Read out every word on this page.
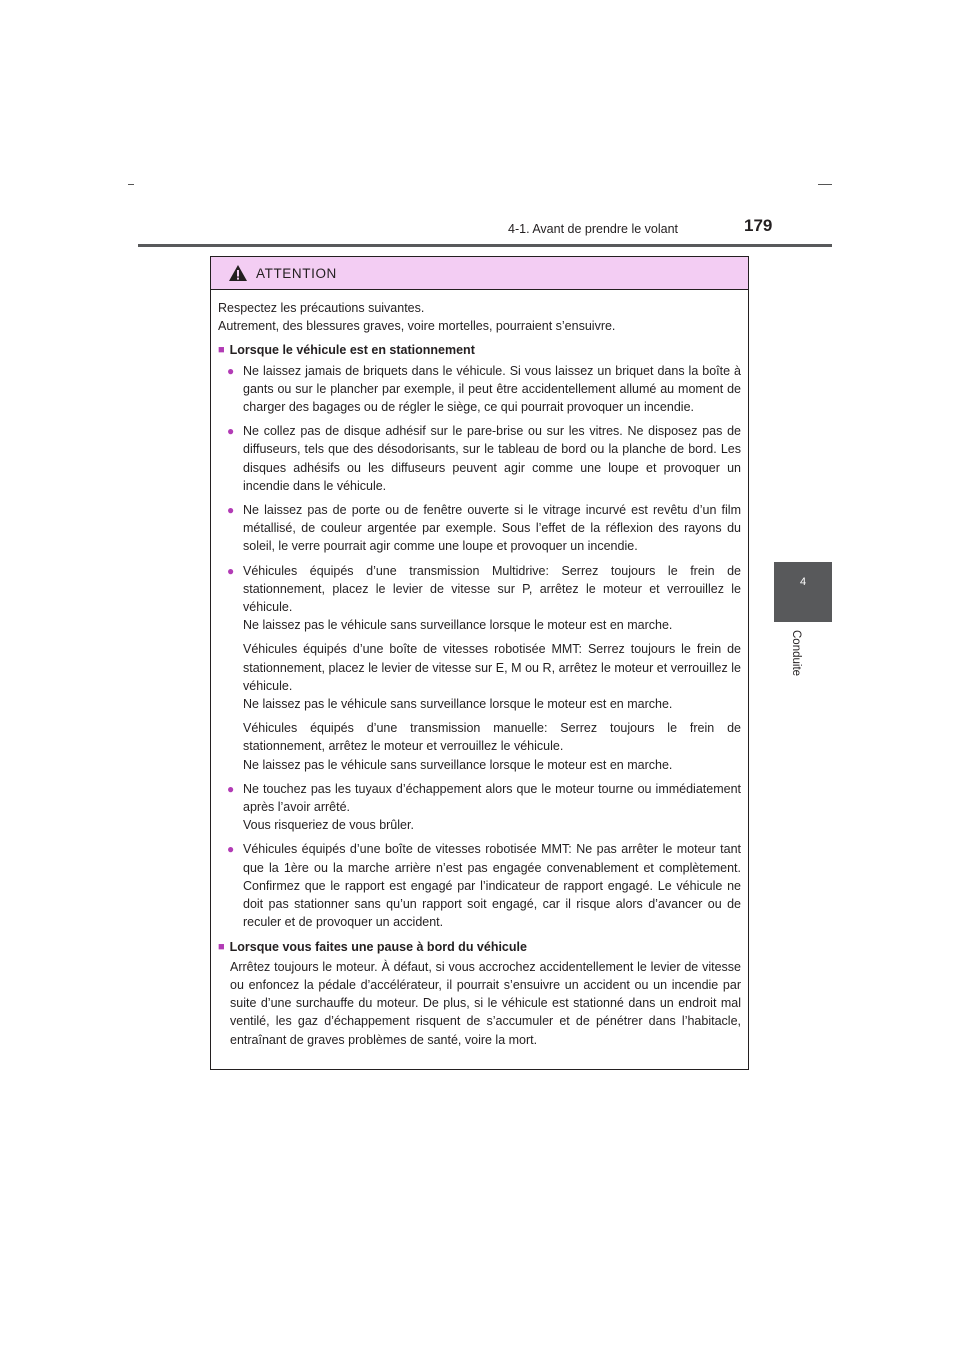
4-1. Avant de prendre le volant	179
4
Conduite
ATTENTION

Respectez les précautions suivantes.
Autrement, des blessures graves, voire mortelles, pourraient s’ensuivre.

■ Lorsque le véhicule est en stationnement
● Ne laissez jamais de briquets dans le véhicule. Si vous laissez un briquet dans la boîte à gants ou sur le plancher par exemple, il peut être accidentellement allumé au moment de charger des bagages ou de régler le siège, ce qui pourrait provoquer un incendie.
● Ne collez pas de disque adhésif sur le pare-brise ou sur les vitres. Ne disposez pas de diffuseurs, tels que des désodorisants, sur le tableau de bord ou la planche de bord. Les disques adhésifs ou les diffuseurs peuvent agir comme une loupe et provoquer un incendie dans le véhicule.
● Ne laissez pas de porte ou de fenêtre ouverte si le vitrage incurvé est revêtu d’un film métallisé, de couleur argentée par exemple. Sous l’effet de la réflexion des rayons du soleil, le verre pourrait agir comme une loupe et provoquer un incendie.
● Véhicules équipés d’une transmission Multidrive: Serrez toujours le frein de stationnement, placez le levier de vitesse sur P, arrêtez le moteur et verrouillez le véhicule.
Ne laissez pas le véhicule sans surveillance lorsque le moteur est en marche.

Véhicules équipés d’une boîte de vitesses robotisée MMT: Serrez toujours le frein de stationnement, placez le levier de vitesse sur E, M ou R, arrêtez le moteur et verrouillez le véhicule.
Ne laissez pas le véhicule sans surveillance lorsque le moteur est en marche.

Véhicules équipés d’une transmission manuelle: Serrez toujours le frein de stationnement, arrêtez le moteur et verrouillez le véhicule.
Ne laissez pas le véhicule sans surveillance lorsque le moteur est en marche.

● Ne touchez pas les tuyaux d’échappement alors que le moteur tourne ou immédiatement après l’avoir arrêté.
Vous risqueriez de vous brûler.
● Véhicules équipés d’une boîte de vitesses robotisée MMT: Ne pas arrêter le moteur tant que la 1ère ou la marche arrière n’est pas engagée convenablement et complètement. Confirmez que le rapport est engagé par l’indicateur de rapport engagé. Le véhicule ne doit pas stationner sans qu’un rapport soit engagé, car il risque alors d’avancer ou de reculer et de provoquer un accident.
■ Lorsque vous faites une pause à bord du véhicule

Arrêtez toujours le moteur. À défaut, si vous accrochez accidentellement le levier de vitesse ou enfoncez la pédale d’accélérateur, il pourrait s’ensuivre un accident ou un incendie par suite d’une surchauffe du moteur. De plus, si le véhicule est stationné dans un endroit mal ventilé, les gaz d’échappement risquent de s’accumuler et de pénétrer dans l’habitacle, entraînant de graves problèmes de santé, voire la mort.
